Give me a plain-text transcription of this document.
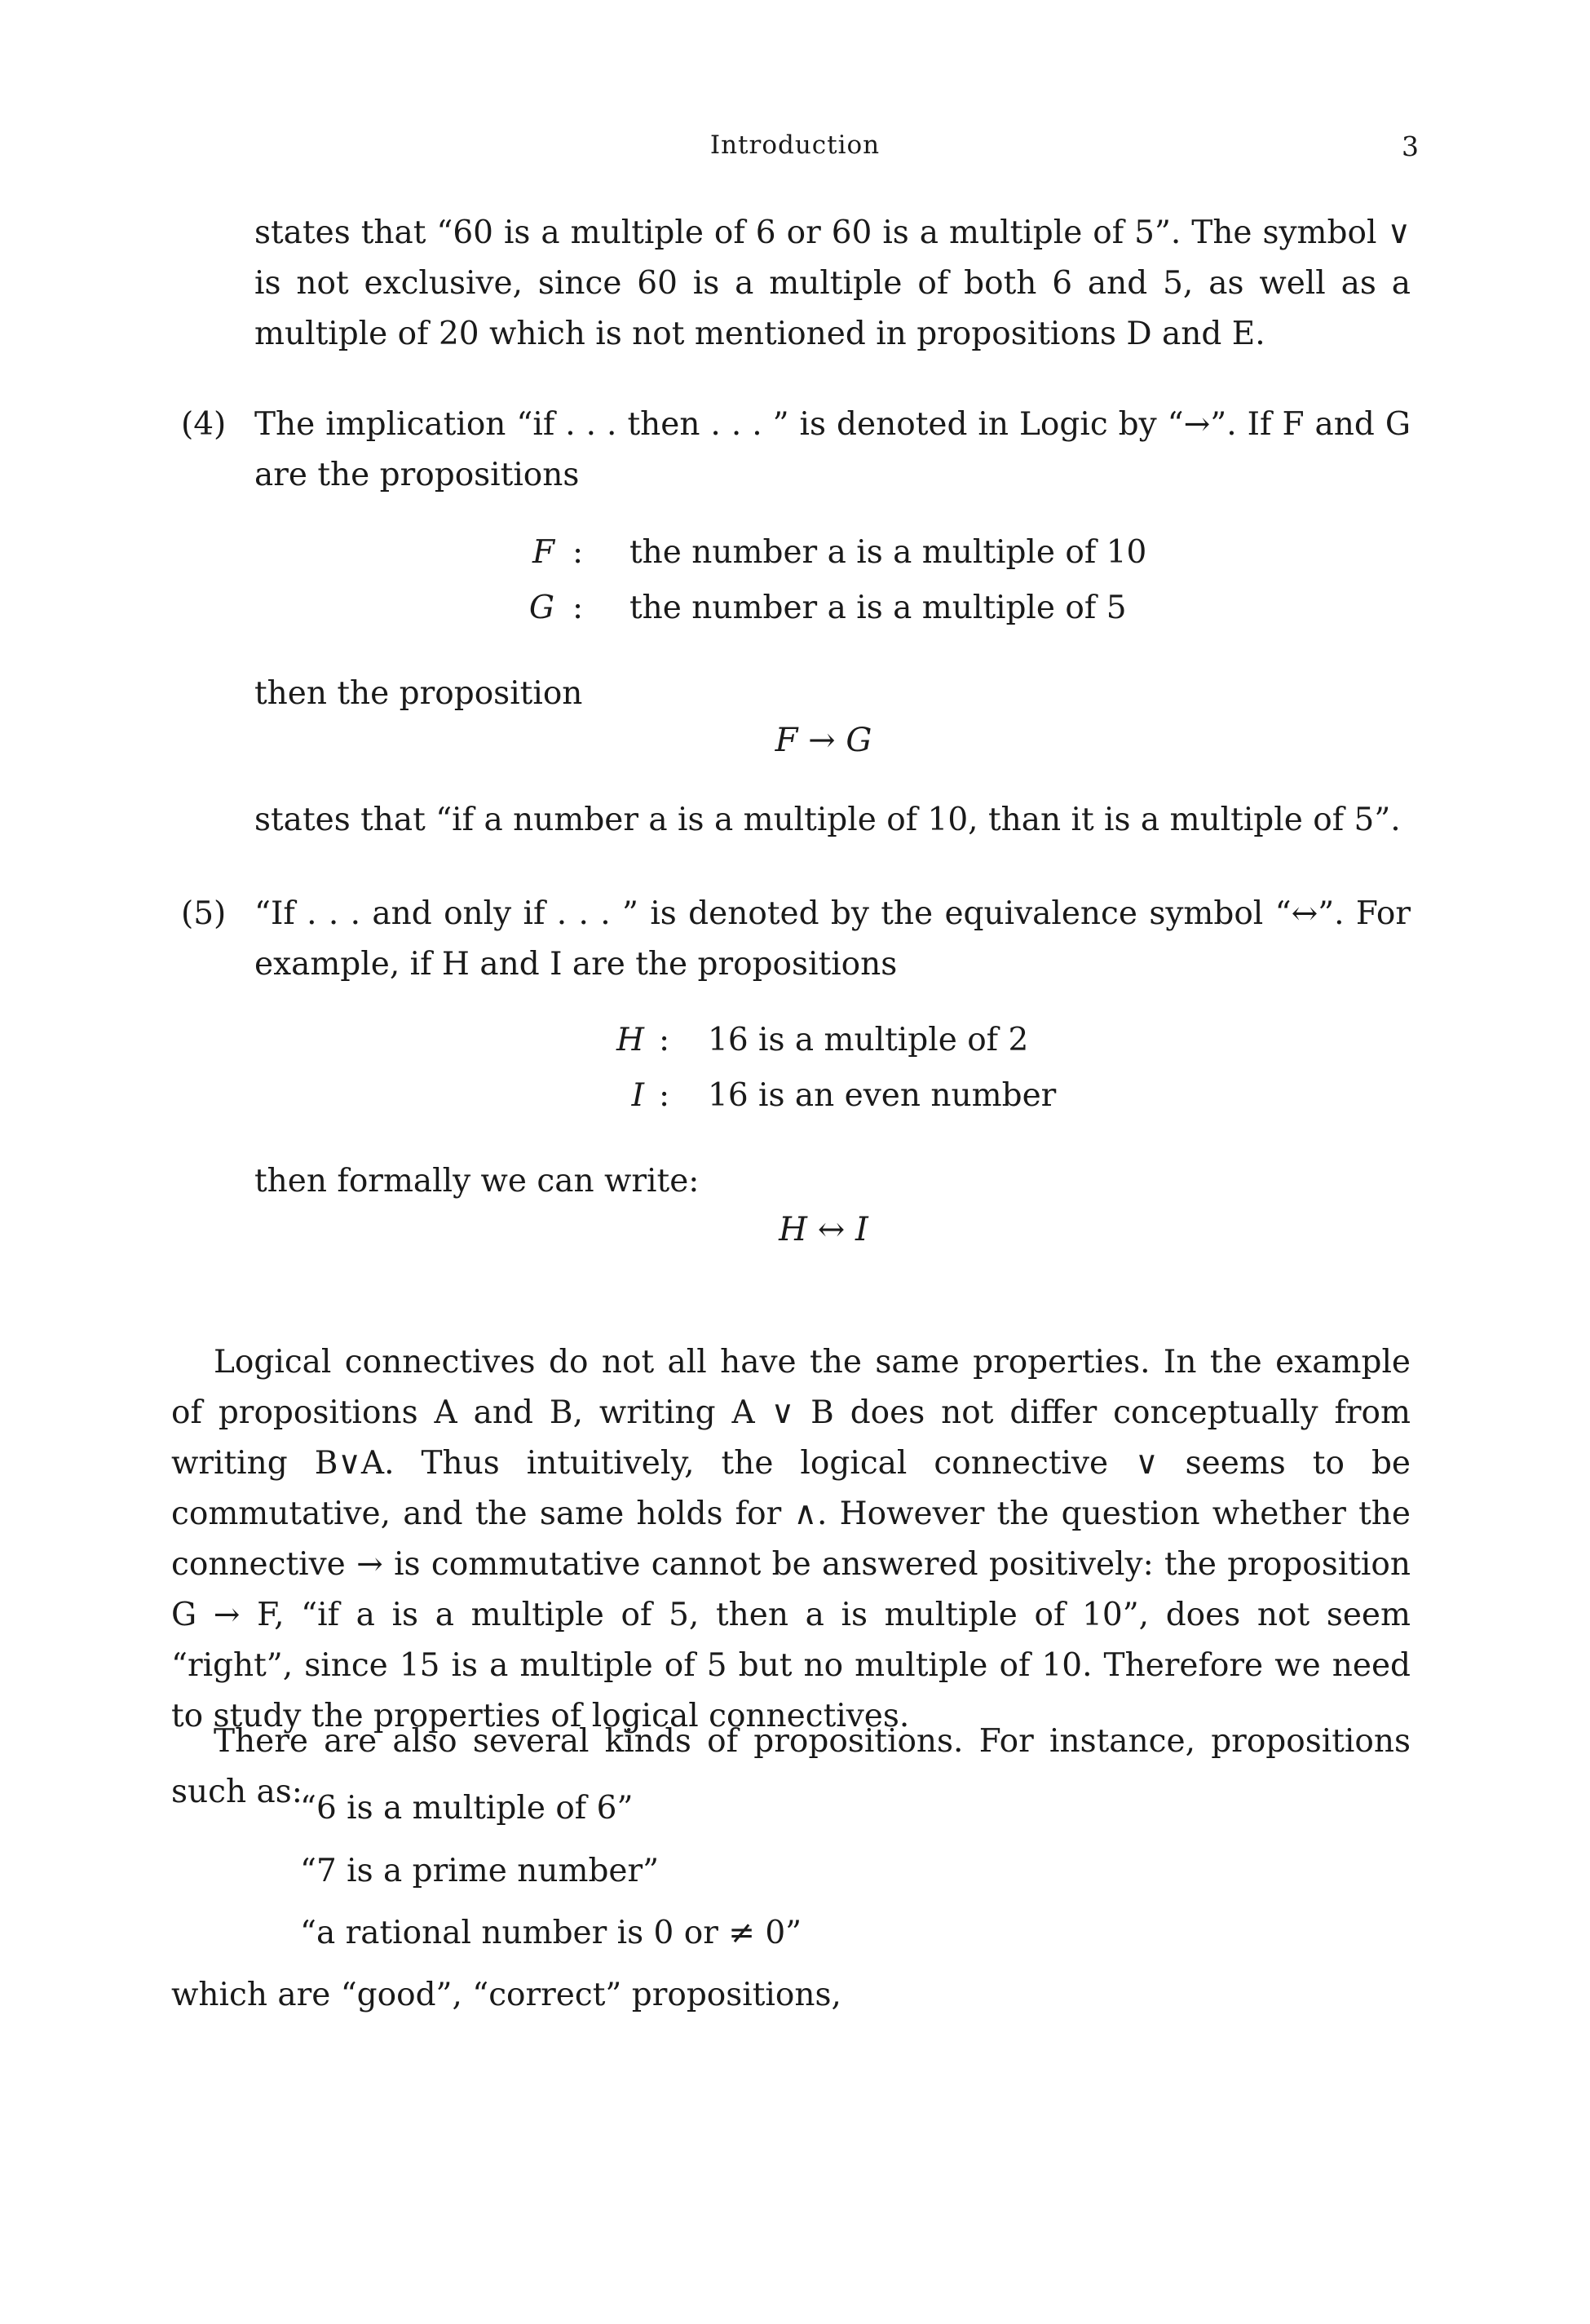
Introduction	3
states that “60 is a multiple of 6 or 60 is a multiple of 5”. The symbol ∨ is not exclusive, since 60 is a multiple of both 6 and 5, as well as a multiple of 20 which is not mentioned in propositions D and E.
(4) The implication “if . . . then . . . ” is denoted in Logic by “→”. If F and G are the propositions
F : the number a is a multiple of 10
G : the number a is a multiple of 5
then the proposition
F → G
states that “if a number a is a multiple of 10, than it is a multiple of 5”.
(5) “If . . . and only if . . . ” is denoted by the equivalence symbol “↔”. For example, if H and I are the propositions
H : 16 is a multiple of 2
I : 16 is an even number
then formally we can write:
H ↔ I
Logical connectives do not all have the same properties. In the example of propositions A and B, writing A ∨ B does not differ conceptually from writing B∨A. Thus intuitively, the logical connective ∨ seems to be commutative, and the same holds for ∧. However the question whether the connective → is commutative cannot be answered positively: the proposition G → F, “if a is a multiple of 5, then a is multiple of 10”, does not seem “right”, since 15 is a multiple of 5 but no multiple of 10. Therefore we need to study the properties of logical connectives.
There are also several kinds of propositions. For instance, propositions such as:
“6 is a multiple of 6”
“7 is a prime number”
“a rational number is 0 or ≠ 0”
which are “good”, “correct” propositions,
